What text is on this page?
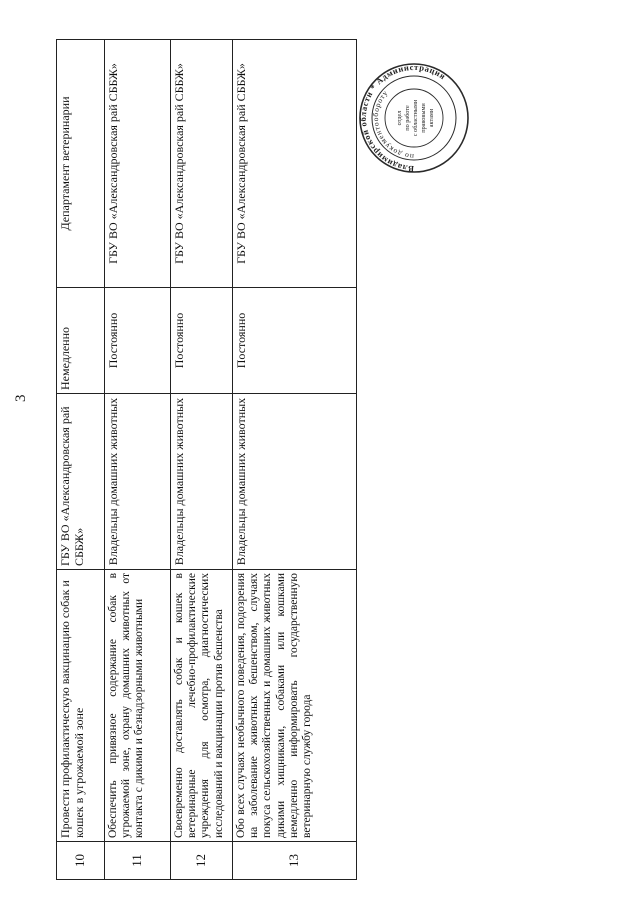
3
10	Провести профилактическую вакцинацию собак и кошек в угрожаемой зоне	ГБУ ВО «Александровская рай СББЖ»	Немедленно	Департамент ветеринарии
11	Обеспечить привязное содержание собак в угрожаемой зоне, охрану домашних животных от контакта с дикими и безнадзорными животными	Владельцы домашних животных	Постоянно	ГБУ ВО «Александровская рай СББЖ»
12	Своевременно доставлять собак и кошек в ветеринарные лечебно-профилактические учреждения для осмотра, диагностических исследований и вакцинации против бешенства	Владельцы домашних животных	Постоянно	ГБУ ВО «Александровская рай СББЖ»
13	Обо всех случаях необычного поведения, подозрения на заболевание животных бешенством, случаях покуса сельскохозяйственных и домашних животных дикими хищниками, собаками или кошками немедленно информировать государственную ветеринарную службу города	Владельцы домашних животных	Постоянно	ГБУ ВО «Александровская рай СББЖ»	Владимирской области * Администрация
по документообороту
отдел по работе с областными правовыми актами
